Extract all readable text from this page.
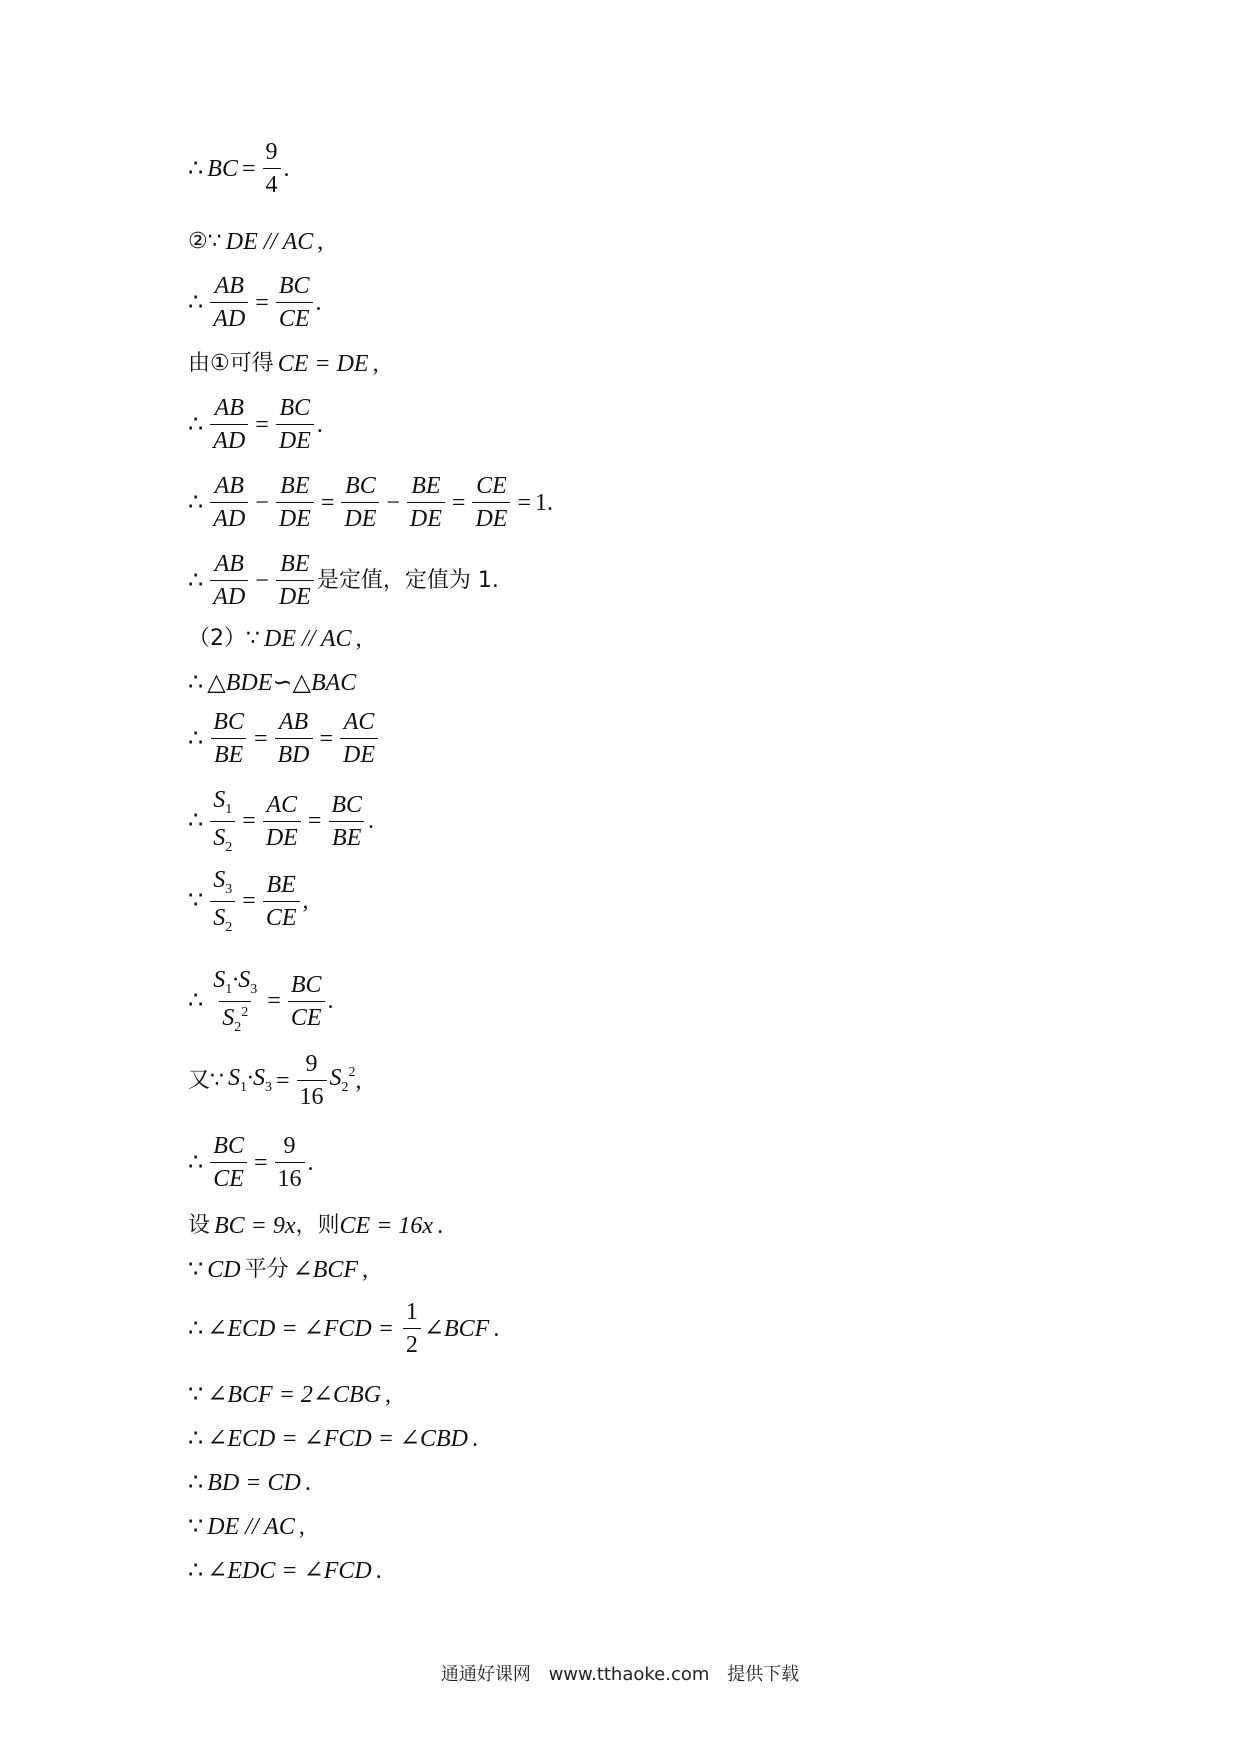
∴ BC = $\frac{9}{4}$ .
②∵ DE // AC ,
∴ $\frac{AB}{AD} = \frac{BC}{CE}$ .
由①可得 CE = DE ,
∴ $\frac{AB}{AD} = \frac{BC}{DE}$ .
∴ $\frac{AB}{AD} - \frac{BE}{DE} = \frac{BC}{DE} - \frac{BE}{DE} = \frac{CE}{DE} = 1$ .
∴ $\frac{AB}{AD} - \frac{BE}{DE}$ 是定值，定值为 1.
（2）∵ DE // AC ,
∴ △BDE∽△BAC
∴ $\frac{BC}{BE} = \frac{AB}{BD} = \frac{AC}{DE}$
∴ $\frac{S_1}{S_2} = \frac{AC}{DE} = \frac{BC}{BE}$ .
∵ $\frac{S_3}{S_2} = \frac{BE}{CE}$ ,
∴ $\frac{S_1\cdot S_3}{S_2^2} = \frac{BC}{CE}$ .
又∵ $S_1\cdot S_3 = \frac{9}{16} S_2^2$ ,
∴ $\frac{BC}{CE} = \frac{9}{16}$ .
设 BC = 9x ，则 CE = 16x .
∵ CD 平分 ∠BCF ,
∴ ∠ECD = ∠FCD = $\frac{1}{2}$ ∠BCF .
∵ ∠BCF = 2∠CBG ,
∴ ∠ECD = ∠FCD = ∠CBD .
∴ BD = CD .
∵ DE // AC ,
∴ ∠EDC = ∠FCD .
通通好课网 www.tthaoke.com 提供下载
